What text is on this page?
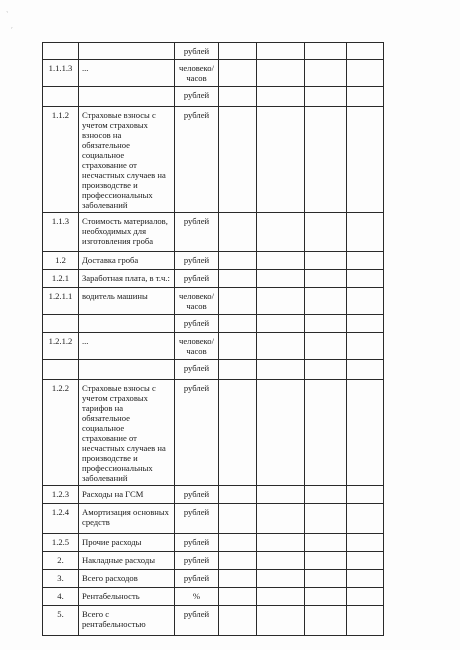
ˎ
ˏ
		рублей				
1.1.1.3	...	человеко/ часов				
		рублей				
1.1.2	Страховые взносы с учетом страховых взносов на обязательное социальное страхование от несчастных случаев на производстве и профессиональных заболеваний	рублей				
1.1.3	Стоимость материалов, необходимых для изготовления гроба	рублей				
1.2	Доставка гроба	рублей				
1.2.1	Заработная плата, в т.ч.:	рублей				
1.2.1.1	водитель машины	человеко/ часов				
		рублей				
1.2.1.2	...	человеко/ часов				
		рублей				
1.2.2	Страховые взносы с учетом страховых тарифов на обязательное социальное страхование от несчастных случаев на производстве и профессиональных заболеваний	рублей				
1.2.3	Расходы на ГСМ	рублей				
1.2.4	Амортизация основных средств	рублей				
1.2.5	Прочие расходы	рублей				
2.	Накладные расходы	рублей				
3.	Всего расходов	рублей				
4.	Рентабельность	%				
5.	Всего с рентабельностью	рублей				
